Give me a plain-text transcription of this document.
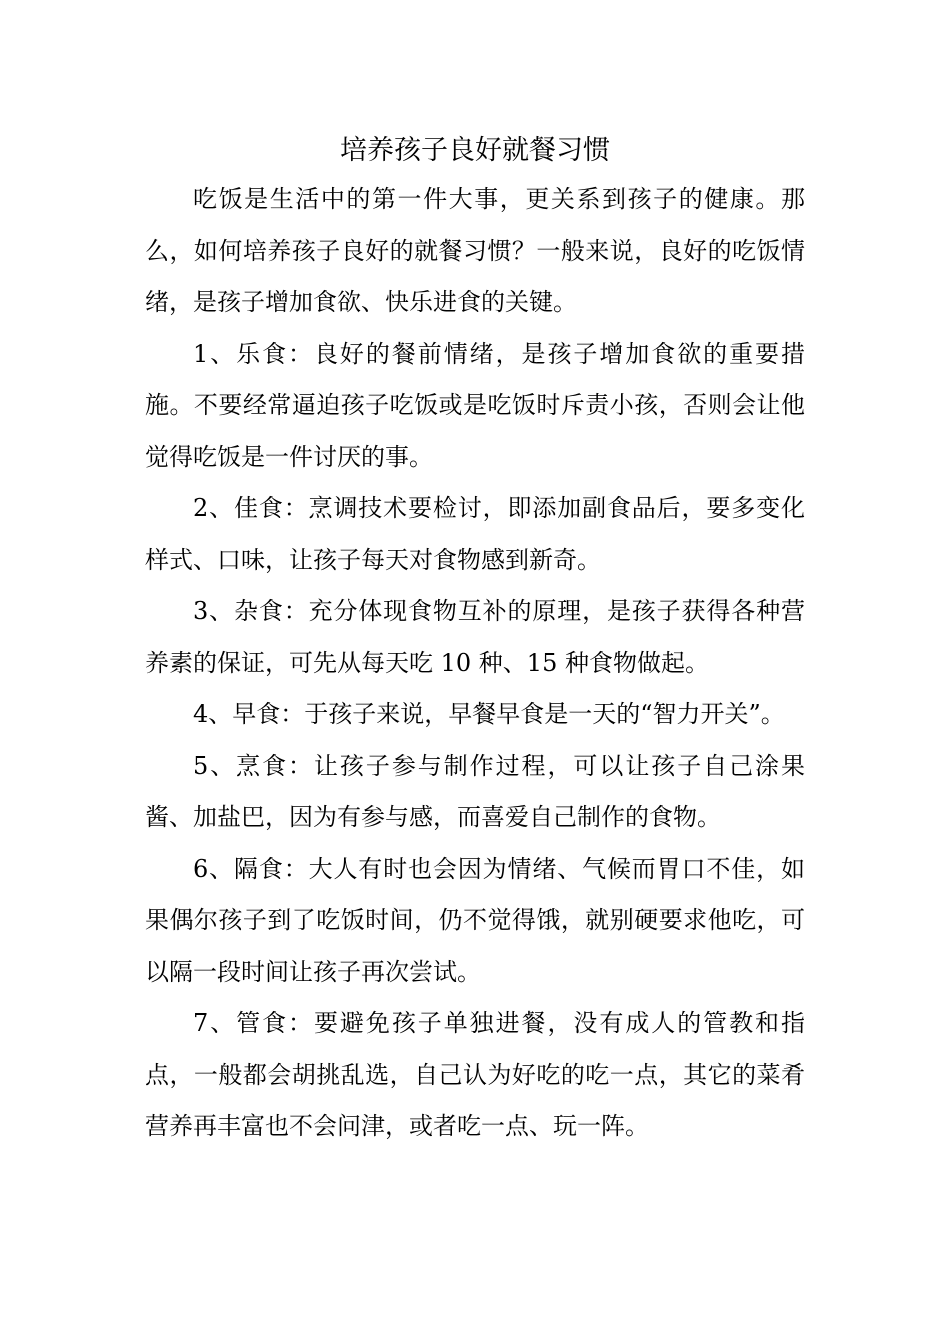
培养孩子良好就餐习惯

吃饭是生活中的第一件大事，更关系到孩子的健康。那么，如何培养孩子良好的就餐习惯？一般来说，良好的吃饭情绪，是孩子增加食欲、快乐进食的关键。

1、乐食：良好的餐前情绪，是孩子增加食欲的重要措施。不要经常逼迫孩子吃饭或是吃饭时斥责小孩，否则会让他觉得吃饭是一件讨厌的事。

2、佳食：烹调技术要检讨，即添加副食品后，要多变化样式、口味，让孩子每天对食物感到新奇。

3、杂食：充分体现食物互补的原理，是孩子获得各种营养素的保证，可先从每天吃 10 种、15 种食物做起。

4、早食：于孩子来说，早餐早食是一天的“智力开关”。

5、烹食：让孩子参与制作过程，可以让孩子自己涂果酱、加盐巴，因为有参与感，而喜爱自己制作的食物。

6、隔食：大人有时也会因为情绪、气候而胃口不佳，如果偶尔孩子到了吃饭时间，仍不觉得饿，就别硬要求他吃，可以隔一段时间让孩子再次尝试。

7、管食：要避免孩子单独进餐，没有成人的管教和指点，一般都会胡挑乱选，自己认为好吃的吃一点，其它的菜肴营养再丰富也不会问津，或者吃一点、玩一阵。
